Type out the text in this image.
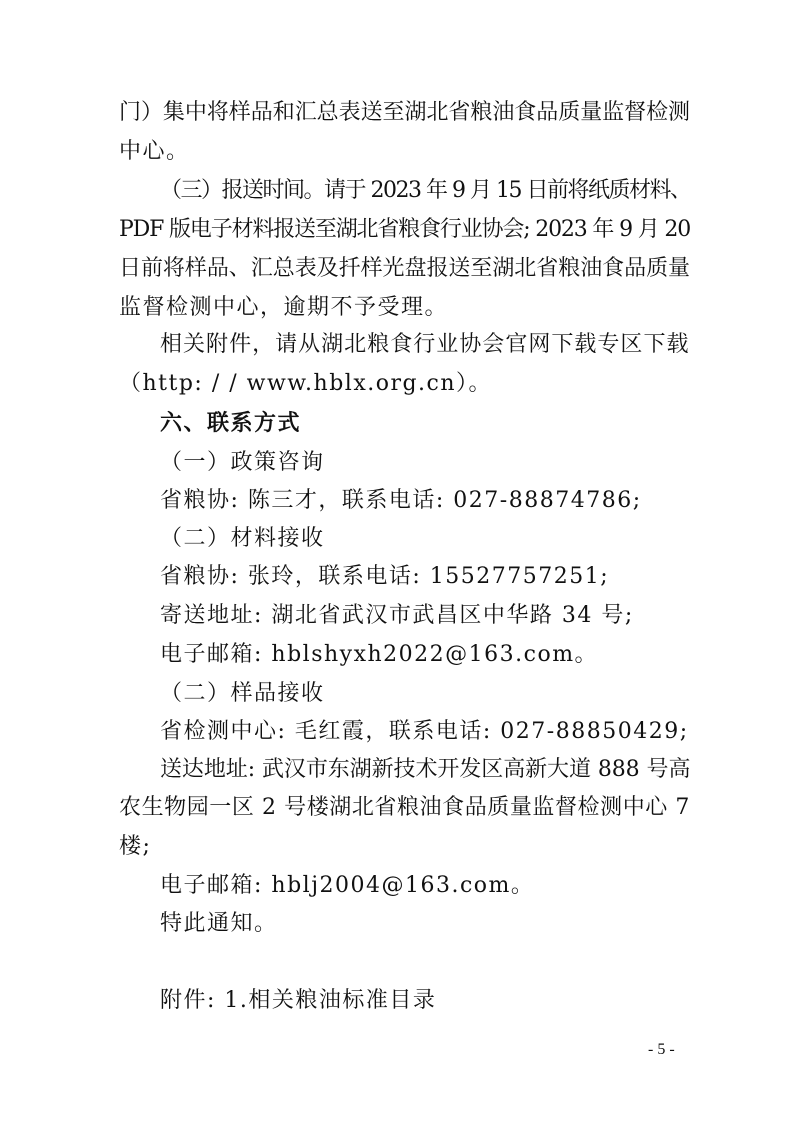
门）集中将样品和汇总表送至湖北省粮油食品质量监督检测
中心。
（三）报送时间。请于 2023 年 9 月 15 日前将纸质材料、
PDF 版电子材料报送至湖北省粮食行业协会; 2023 年 9 月 20
日前将样品、汇总表及扦样光盘报送至湖北省粮油食品质量
监督检测中心，逾期不予受理。
相关附件，请从湖北粮食行业协会官网下载专区下载
（http: / / www.hblx.org.cn）。
六、联系方式
（一）政策咨询
省粮协: 陈三才，联系电话: 027-88874786;
（二）材料接收
省粮协: 张玲，联系电话: 15527757251;
寄送地址: 湖北省武汉市武昌区中华路 34 号;
电子邮箱: hblshyxh2022@163.com。
（二）样品接收
省检测中心: 毛红霞，联系电话: 027-88850429;
送达地址: 武汉市东湖新技术开发区高新大道 888 号高
农生物园一区 2 号楼湖北省粮油食品质量监督检测中心 7
楼;
电子邮箱: hblj2004@163.com。
特此通知。
附件: 1.相关粮油标准目录
- 5 -
